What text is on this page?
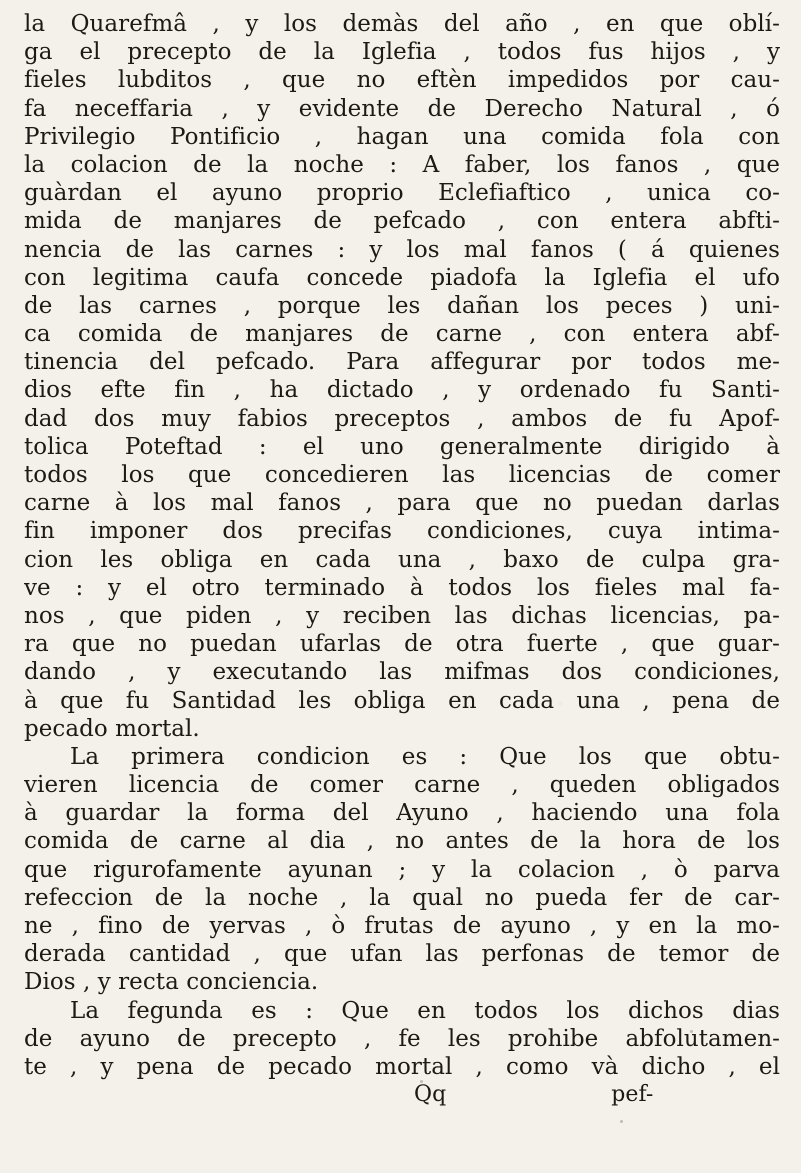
la Quarefmâ , y los demàs del año , en que oblí-
ga el precepto de la Iglefia , todos fus hijos , y
fieles lubditos , que no eftèn impedidos por cau-
fa neceffaria , y evidente de Derecho Natural , ó
Privilegio Pontificio , hagan una comida fola con
la colacion de la noche : A faber, los fanos , que
guàrdan el ayuno proprio Eclefiaftico , unica co-
mida de manjares de pefcado , con entera abfti-
nencia de las carnes : y los mal fanos ( á quienes
con legitima caufa concede piadofa la Iglefia el ufo
de las carnes , porque les dañan los peces ) uni-
ca comida de manjares de carne , con entera abf-
tinencia del pefcado. Para affegurar por todos me-
dios efte fin , ha dictado , y ordenado fu Santi-
dad dos muy fabios preceptos , ambos de fu Apof-
tolica Poteftad : el uno generalmente dirigido à
todos los que concedieren las licencias de comer
carne à los mal fanos , para que no puedan darlas
fin imponer dos precifas condiciones, cuya intima-
cion les obliga en cada una , baxo de culpa gra-
ve : y el otro terminado à todos los fieles mal fa-
nos , que piden , y reciben las dichas licencias, pa-
ra que no puedan ufarlas de otra fuerte , que guar-
dando , y executando las mifmas dos condiciones,
à que fu Santidad les obliga en cada una , pena de
pecado mortal.
La primera condicion es : Que los que obtu-
vieren licencia de comer carne , queden obligados
à guardar la forma del Ayuno , haciendo una fola
comida de carne al dia , no antes de la hora de los
que rigurofamente ayunan ; y la colacion , ò parva
refeccion de la noche , la qual no pueda fer de car-
ne , fino de yervas , ò frutas de ayuno , y en la mo-
derada cantidad , que ufan las perfonas de temor de
Dios , y recta conciencia.
La fegunda es : Que en todos los dichos dias
de ayuno de precepto , fe les prohibe abfolutamen-
te , y pena de pecado mortal , como và dicho , el
Qq	pef-
